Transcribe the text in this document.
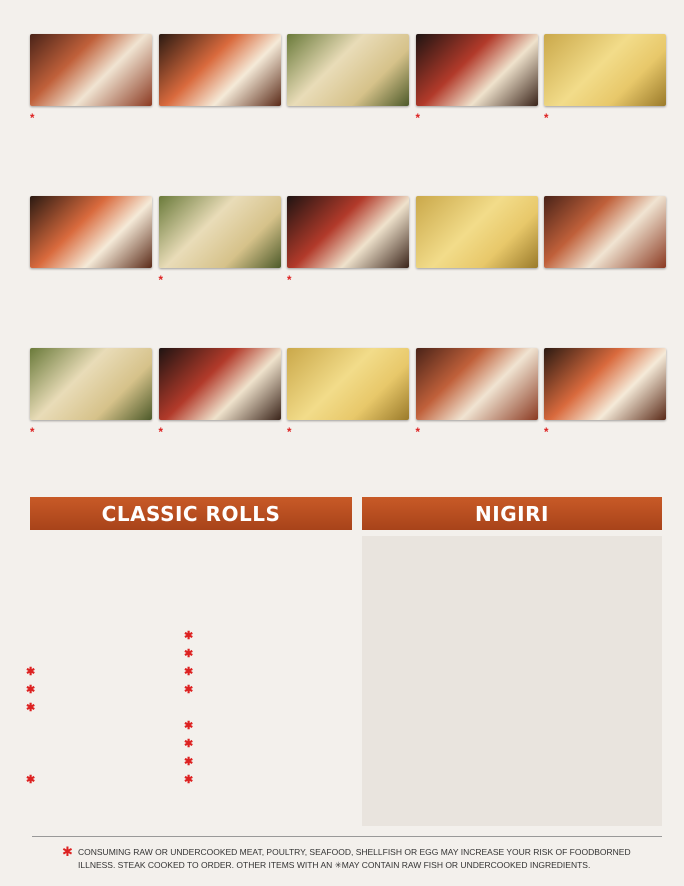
*	*	*

*	*

*	*	*	*	*

CLASSIC ROLLS	NIGIRI
✱
✱
✱
✱
✱
✱
✱
✱
✱
✱
✱
✱
✱ CONSUMING RAW OR UNDERCOOKED MEAT, POULTRY, SEAFOOD, SHELLFISH OR EGG MAY INCREASE YOUR RISK OF FOODBORNED ILLNESS. STEAK COOKED TO ORDER. OTHER ITEMS WITH AN ✳MAY CONTAIN RAW FISH OR UNDERCOOKED INGREDIENTS.
